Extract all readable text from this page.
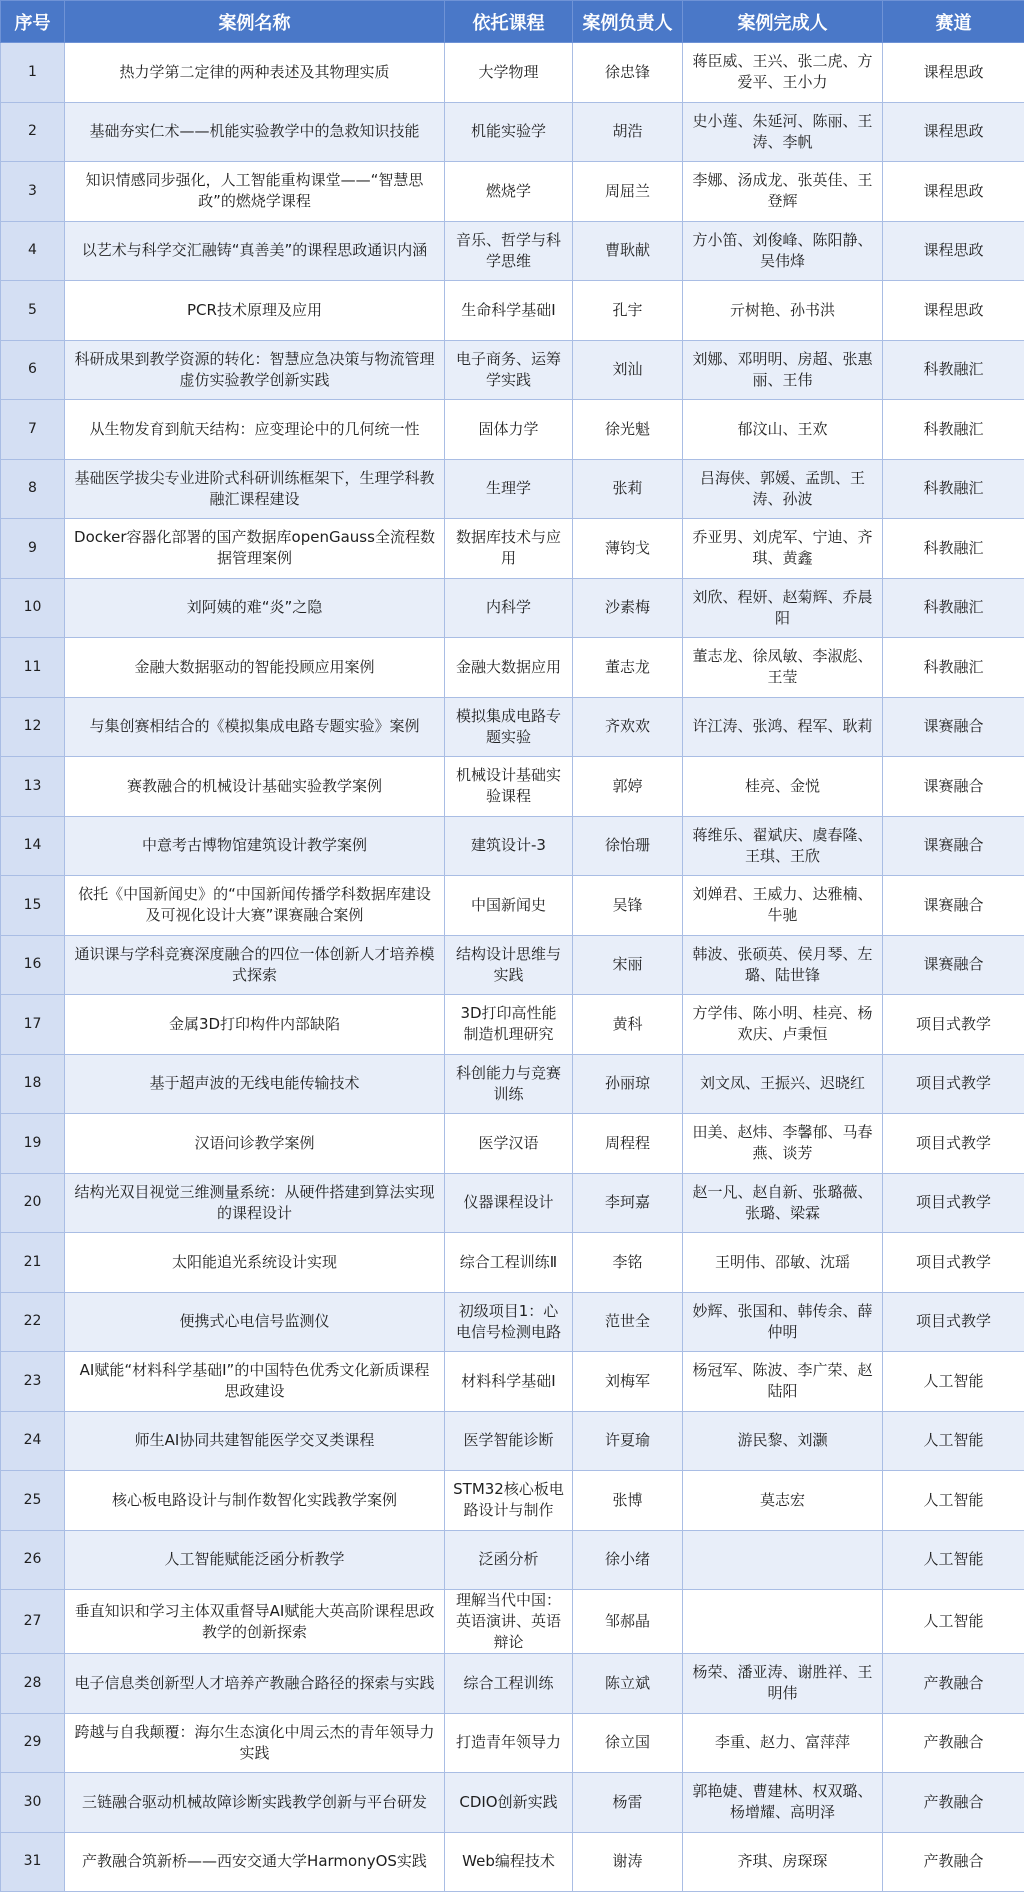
序号	案例名称	依托课程	案例负责人	案例完成人	赛道
1	热力学第二定律的两种表述及其物理实质	大学物理	徐忠锋	蒋臣威、王兴、张二虎、方爱平、王小力	课程思政
2	基础夯实仁术——机能实验教学中的急救知识技能	机能实验学	胡浩	史小莲、朱延河、陈丽、王涛、李帆	课程思政
3	知识情感同步强化，人工智能重构课堂——“智慧思政”的燃烧学课程	燃烧学	周屈兰	李娜、汤成龙、张英佳、王登辉	课程思政
4	以艺术与科学交汇融铸“真善美”的课程思政通识内涵	音乐、哲学与科学思维	曹耿献	方小笛、刘俊峰、陈阳静、吴伟烽	课程思政
5	PCR技术原理及应用	生命科学基础Ⅰ	孔宇	亓树艳、孙书洪	课程思政
6	科研成果到教学资源的转化：智慧应急决策与物流管理虚仿实验教学创新实践	电子商务、运筹学实践	刘汕	刘娜、邓明明、房超、张惠丽、王伟	科教融汇
7	从生物发育到航天结构：应变理论中的几何统一性	固体力学	徐光魁	郁汶山、王欢	科教融汇
8	基础医学拔尖专业进阶式科研训练框架下，生理学科教融汇课程建设	生理学	张莉	吕海侠、郭媛、孟凯、王涛、孙波	科教融汇
9	Docker容器化部署的国产数据库openGauss全流程数据管理案例	数据库技术与应用	薄钧戈	乔亚男、刘虎军、宁迪、齐琪、黄鑫	科教融汇
10	刘阿姨的难“炎”之隐	内科学	沙素梅	刘欣、程妍、赵菊辉、乔晨阳	科教融汇
11	金融大数据驱动的智能投顾应用案例	金融大数据应用	董志龙	董志龙、徐凤敏、李淑彪、王莹	科教融汇
12	与集创赛相结合的《模拟集成电路专题实验》案例	模拟集成电路专题实验	齐欢欢	许江涛、张鸿、程军、耿莉	课赛融合
13	赛教融合的机械设计基础实验教学案例	机械设计基础实验课程	郭婷	桂亮、金悦	课赛融合
14	中意考古博物馆建筑设计教学案例	建筑设计-3	徐怡珊	蒋维乐、翟斌庆、虞春隆、王琪、王欣	课赛融合
15	依托《中国新闻史》的“中国新闻传播学科数据库建设及可视化设计大赛”课赛融合案例	中国新闻史	吴锋	刘婵君、王威力、达雅楠、牛驰	课赛融合
16	通识课与学科竞赛深度融合的四位一体创新人才培养模式探索	结构设计思维与实践	宋丽	韩波、张硕英、侯月琴、左璐、陆世锋	课赛融合
17	金属3D打印构件内部缺陷	3D打印高性能制造机理研究	黄科	方学伟、陈小明、桂亮、杨欢庆、卢秉恒	项目式教学
18	基于超声波的无线电能传输技术	科创能力与竞赛训练	孙丽琼	刘文凤、王振兴、迟晓红	项目式教学
19	汉语问诊教学案例	医学汉语	周程程	田美、赵炜、李馨郁、马春燕、谈芳	项目式教学
20	结构光双目视觉三维测量系统：从硬件搭建到算法实现的课程设计	仪器课程设计	李珂嘉	赵一凡、赵自新、张璐薇、张璐、梁霖	项目式教学
21	太阳能追光系统设计实现	综合工程训练Ⅱ	李铭	王明伟、邵敏、沈瑶	项目式教学
22	便携式心电信号监测仪	初级项目1：心电信号检测电路	范世全	妙辉、张国和、韩传余、薛仲明	项目式教学
23	AI赋能“材料科学基础I”的中国特色优秀文化新质课程思政建设	材料科学基础Ⅰ	刘梅军	杨冠军、陈波、李广荣、赵陆阳	人工智能
24	师生AI协同共建智能医学交叉类课程	医学智能诊断	许夏瑜	游民黎、刘灏	人工智能
25	核心板电路设计与制作数智化实践教学案例	STM32核心板电路设计与制作	张博	莫志宏	人工智能
26	人工智能赋能泛函分析教学	泛函分析	徐小绪		人工智能
27	垂直知识和学习主体双重督导AI赋能大英高阶课程思政教学的创新探索	理解当代中国：英语演讲、英语辩论	邹郝晶		人工智能
28	电子信息类创新型人才培养产教融合路径的探索与实践	综合工程训练	陈立斌	杨荣、潘亚涛、谢胜祥、王明伟	产教融合
29	跨越与自我颠覆：海尔生态演化中周云杰的青年领导力实践	打造青年领导力	徐立国	李重、赵力、富萍萍	产教融合
30	三链融合驱动机械故障诊断实践教学创新与平台研发	CDIO创新实践	杨雷	郭艳婕、曹建林、权双璐、杨增耀、高明泽	产教融合
31	产教融合筑新桥——西安交通大学HarmonyOS实践	Web编程技术	谢涛	齐琪、房琛琛	产教融合
